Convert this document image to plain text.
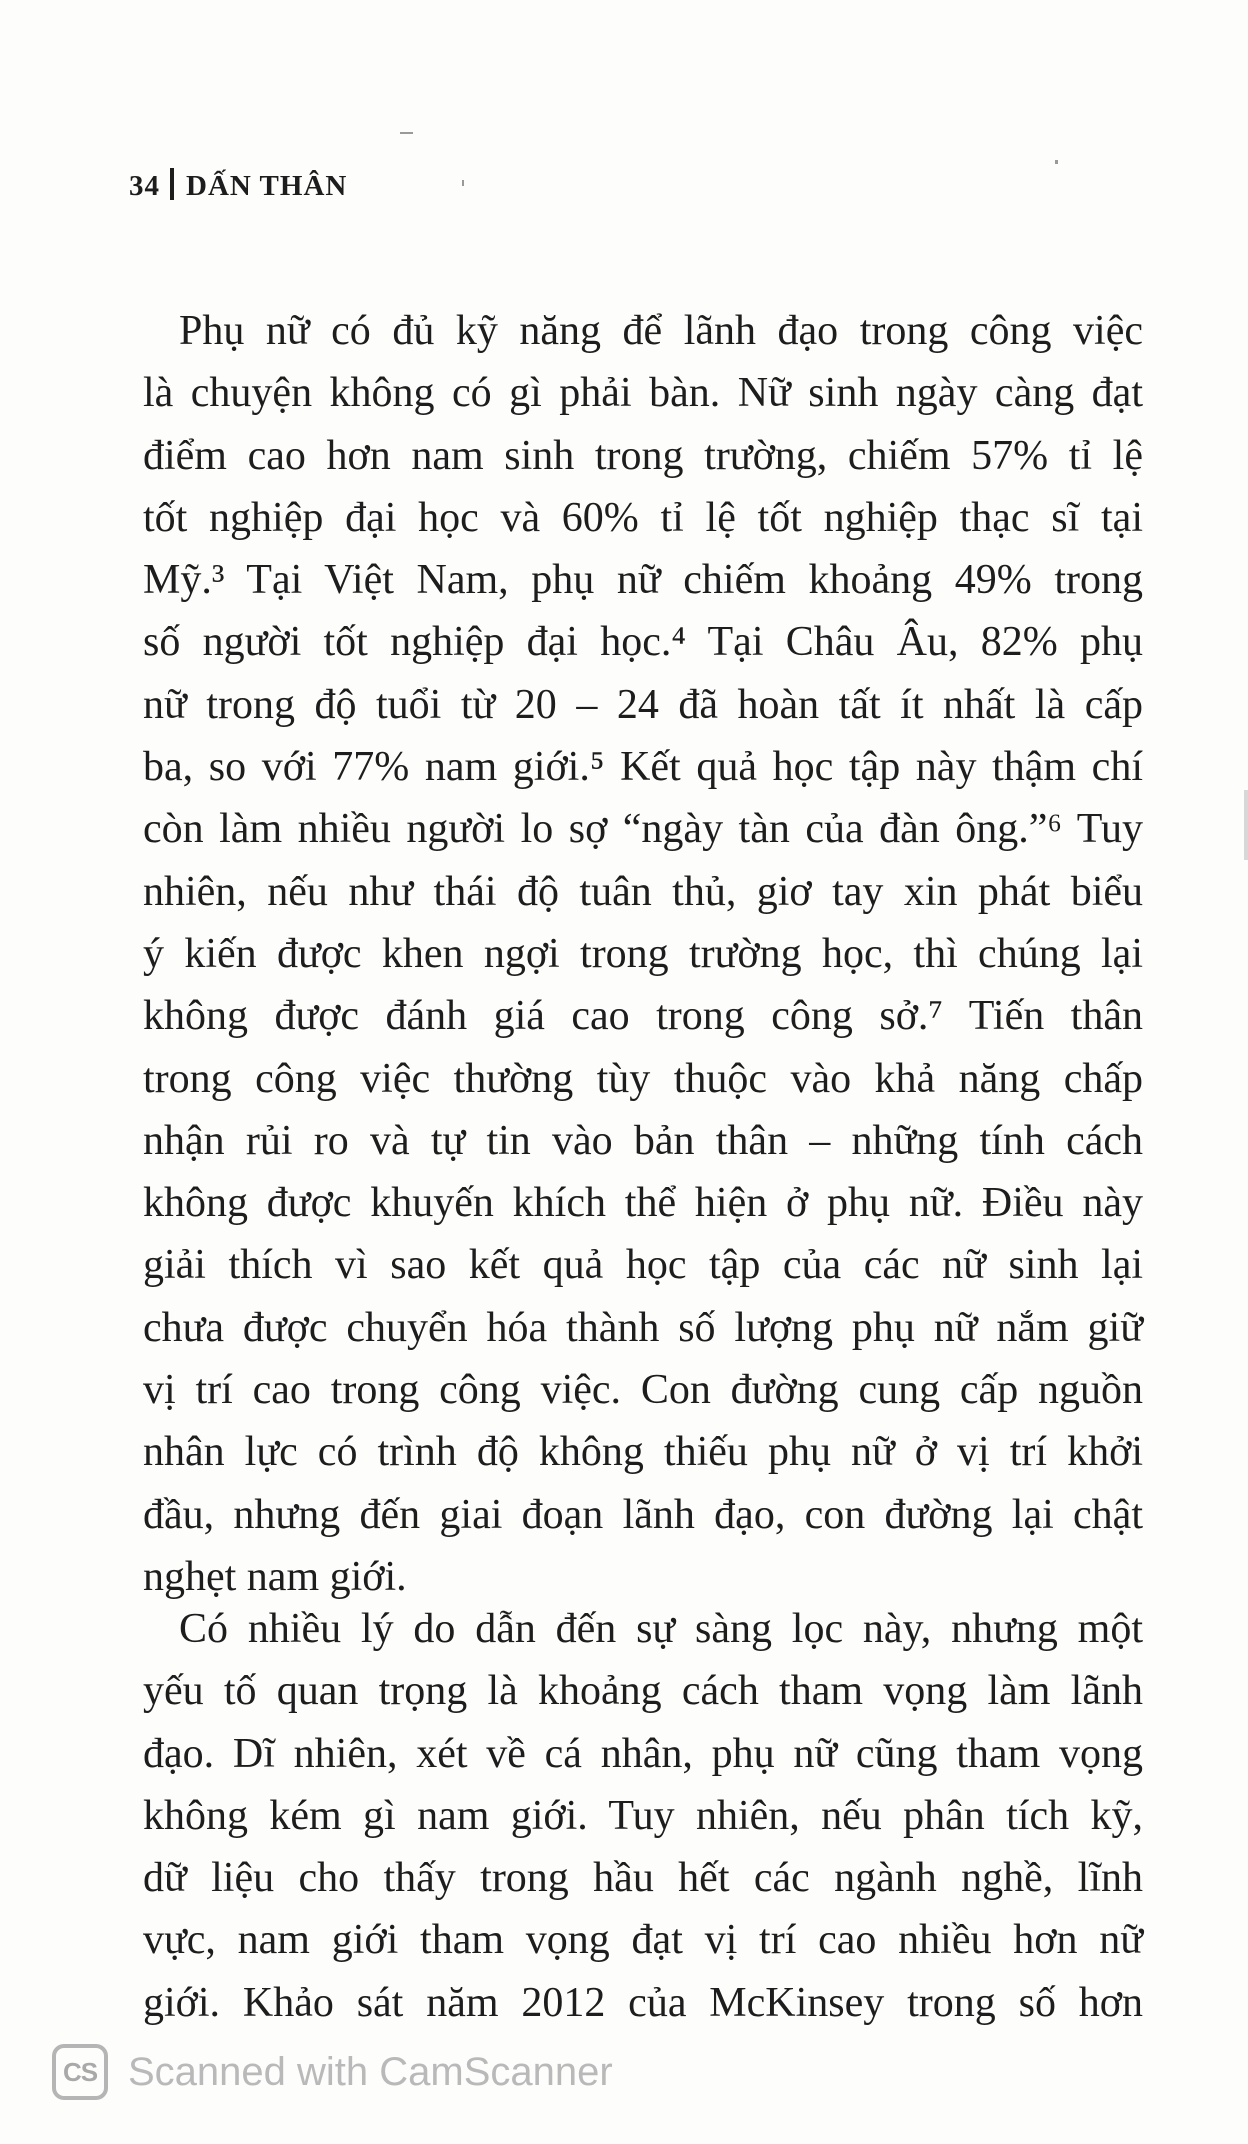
34 DẤN THÂN
Phụ nữ có đủ kỹ năng để lãnh đạo trong công việc
là chuyện không có gì phải bàn. Nữ sinh ngày càng đạt
điểm cao hơn nam sinh trong trường, chiếm 57% tỉ lệ
tốt nghiệp đại học và 60% tỉ lệ tốt nghiệp thạc sĩ tại
Mỹ.³ Tại Việt Nam, phụ nữ chiếm khoảng 49% trong
số người tốt nghiệp đại học.⁴ Tại Châu Âu, 82% phụ
nữ trong độ tuổi từ 20 – 24 đã hoàn tất ít nhất là cấp
ba, so với 77% nam giới.⁵ Kết quả học tập này thậm chí
còn làm nhiều người lo sợ “ngày tàn của đàn ông.”⁶ Tuy
nhiên, nếu như thái độ tuân thủ, giơ tay xin phát biểu
ý kiến được khen ngợi trong trường học, thì chúng lại
không được đánh giá cao trong công sở.⁷ Tiến thân
trong công việc thường tùy thuộc vào khả năng chấp
nhận rủi ro và tự tin vào bản thân – những tính cách
không được khuyến khích thể hiện ở phụ nữ. Điều này
giải thích vì sao kết quả học tập của các nữ sinh lại
chưa được chuyển hóa thành số lượng phụ nữ nắm giữ
vị trí cao trong công việc. Con đường cung cấp nguồn
nhân lực có trình độ không thiếu phụ nữ ở vị trí khởi
đầu, nhưng đến giai đoạn lãnh đạo, con đường lại chật
nghẹt nam giới.
Có nhiều lý do dẫn đến sự sàng lọc này, nhưng một
yếu tố quan trọng là khoảng cách tham vọng làm lãnh
đạo. Dĩ nhiên, xét về cá nhân, phụ nữ cũng tham vọng
không kém gì nam giới. Tuy nhiên, nếu phân tích kỹ,
dữ liệu cho thấy trong hầu hết các ngành nghề, lĩnh
vực, nam giới tham vọng đạt vị trí cao nhiều hơn nữ
giới. Khảo sát năm 2012 của McKinsey trong số hơn
CS Scanned with CamScanner
